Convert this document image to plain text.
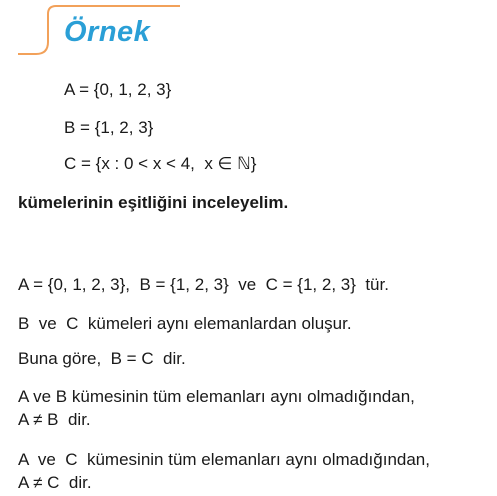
Örnek
A = {0, 1, 2, 3}
B = {1, 2, 3}
C = {x : 0 < x < 4,  x ∈ ℕ}
kümelerinin eşitliğini inceleyelim.
A = {0, 1, 2, 3},  B = {1, 2, 3}  ve  C = {1, 2, 3}  tür.
B  ve  C  kümeleri aynı elemanlardan oluşur.
Buna göre,  B = C  dir.
A ve B kümesinin tüm elemanları aynı olmadığından,
A ≠ B  dir.
A  ve  C  kümesinin tüm elemanları aynı olmadığından,
A ≠ C  dir.
